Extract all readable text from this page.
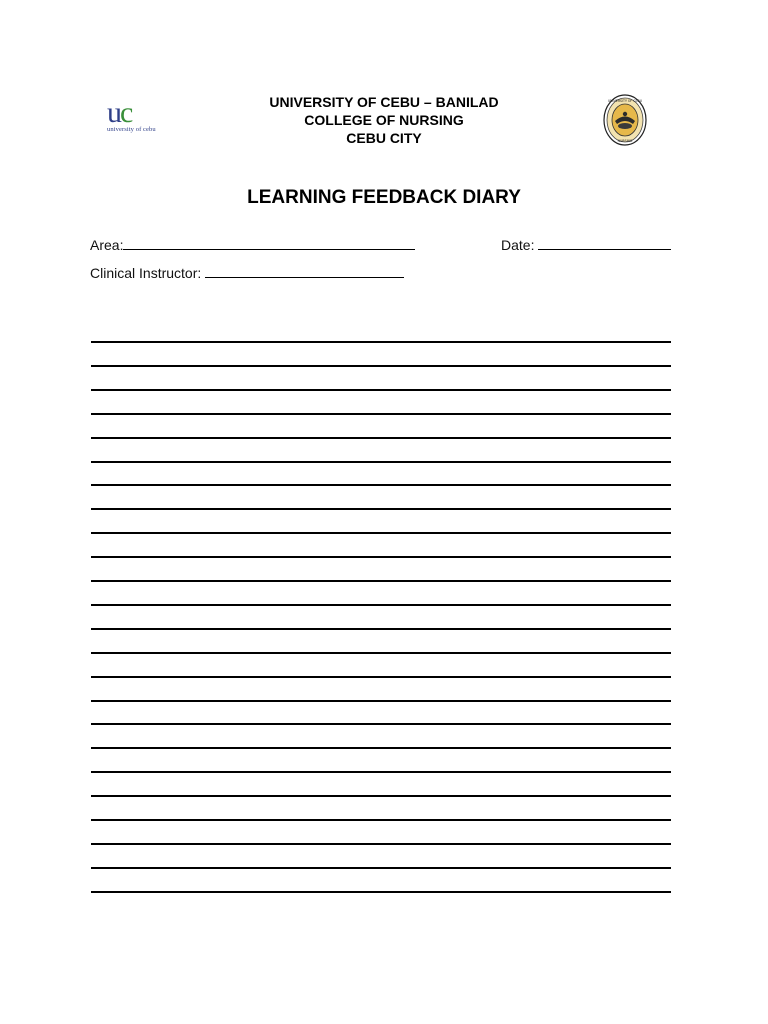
uc
university of cebu
UNIVERSITY OF CEBU
NURSING
UNIVERSITY OF CEBU – BANILAD
COLLEGE OF NURSING
CEBU CITY
LEARNING FEEDBACK DIARY
Area:	Date:
Clinical Instructor:
